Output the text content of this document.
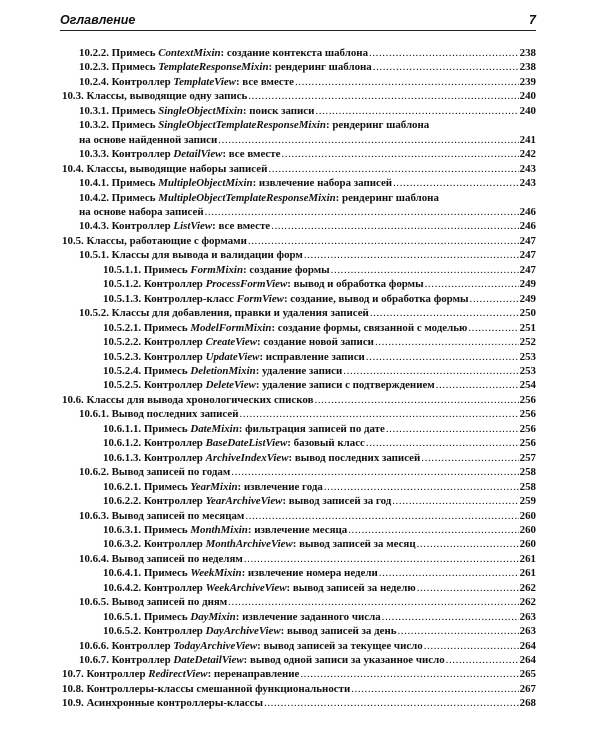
Оглавление	7
10.2.2. Примесь ContextMixin: создание контекста шаблона .....	238
10.2.3. Примесь TemplateResponseMixin: рендеринг шаблона .....	238
10.2.4. Контроллер TemplateView: все вместе .....	239
10.3. Классы, выводящие одну запись .....	240
10.3.1. Примесь SingleObjectMixin: поиск записи .....	240
10.3.2. Примесь SingleObjectTemplateResponseMixin: рендеринг шаблона
на основе найденной записи .....	241
10.3.3. Контроллер DetailView: все вместе .....	242
10.4. Классы, выводящие наборы записей .....	243
10.4.1. Примесь MultipleObjectMixin: извлечение набора записей .....	243
10.4.2. Примесь MultipleObjectTemplateResponseMixin: рендеринг шаблона
на основе набора записей .....	246
10.4.3. Контроллер ListView: все вместе .....	246
10.5. Классы, работающие с формами .....	247
10.5.1. Классы для вывода и валидации форм .....	247
10.5.1.1. Примесь FormMixin: создание формы .....	247
10.5.1.2. Контроллер ProcessFormView: вывод и обработка формы .....	249
10.5.1.3. Контроллер-класс FormView: создание, вывод и обработка формы .....	249
10.5.2. Классы для добавления, правки и удаления записей .....	250
10.5.2.1. Примесь ModelFormMixin: создание формы, связанной с моделью .....	251
10.5.2.2. Контроллер CreateView: создание новой записи .....	252
10.5.2.3. Контроллер UpdateView: исправление записи .....	253
10.5.2.4. Примесь DeletionMixin: удаление записи .....	253
10.5.2.5. Контроллер DeleteView: удаление записи с подтверждением .....	254
10.6. Классы для вывода хронологических списков .....	256
10.6.1. Вывод последних записей .....	256
10.6.1.1. Примесь DateMixin: фильтрация записей по дате .....	256
10.6.1.2. Контроллер BaseDateListView: базовый класс .....	256
10.6.1.3. Контроллер ArchiveIndexView: вывод последних записей .....	257
10.6.2. Вывод записей по годам .....	258
10.6.2.1. Примесь YearMixin: извлечение года .....	258
10.6.2.2. Контроллер YearArchiveView: вывод записей за год .....	259
10.6.3. Вывод записей по месяцам .....	260
10.6.3.1. Примесь MonthMixin: извлечение месяца .....	260
10.6.3.2. Контроллер MonthArchiveView: вывод записей за месяц .....	260
10.6.4. Вывод записей по неделям .....	261
10.6.4.1. Примесь WeekMixin: извлечение номера недели .....	261
10.6.4.2. Контроллер WeekArchiveView: вывод записей за неделю .....	262
10.6.5. Вывод записей по дням .....	262
10.6.5.1. Примесь DayMixin: извлечение заданного числа .....	263
10.6.5.2. Контроллер DayArchiveView: вывод записей за день .....	263
10.6.6. Контроллер TodayArchiveView: вывод записей за текущее число .....	264
10.6.7. Контроллер DateDetailView: вывод одной записи за указанное число .....	264
10.7. Контроллер RedirectView: перенаправление .....	265
10.8. Контроллеры-классы смешанной функциональности .....	267
10.9. Асинхронные контроллеры-классы .....	268
